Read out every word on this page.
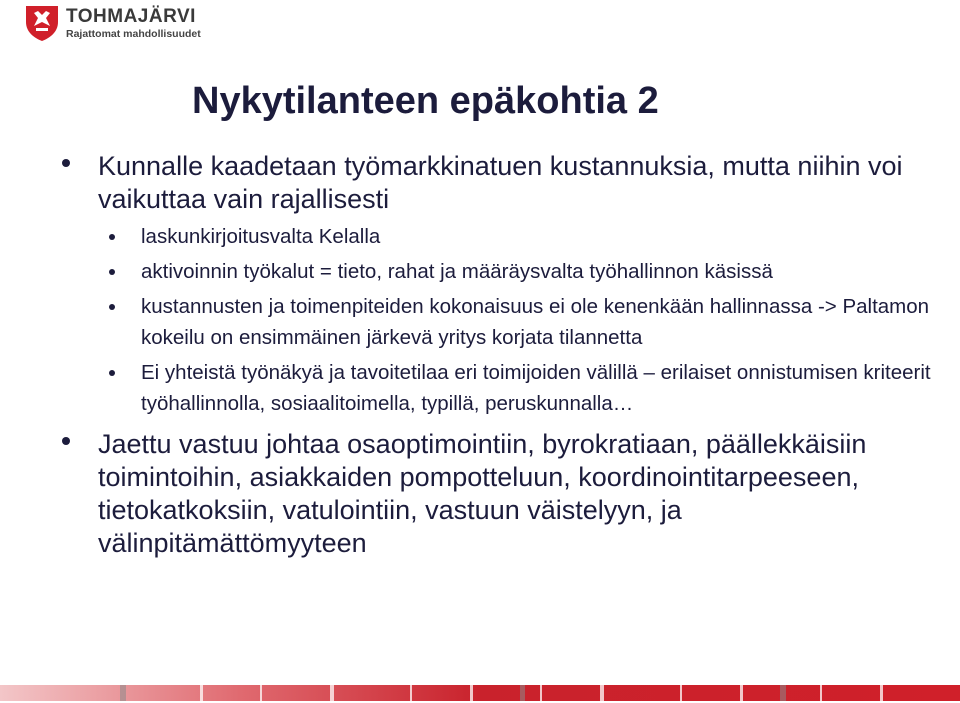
TOHMAJÄRVI
Rajattomat mahdollisuudet
Nykytilanteen epäkohtia 2
Kunnalle kaadetaan työmarkkinatuen kustannuksia, mutta niihin voi vaikuttaa vain rajallisesti
laskunkirjoitusvalta Kelalla
aktivoinnin työkalut = tieto, rahat ja määräysvalta työhallinnon käsissä
kustannusten ja toimenpiteiden kokonaisuus ei ole kenenkään hallinnassa -> Paltamon kokeilu on ensimmäinen järkevä yritys korjata tilannetta
Ei yhteistä työnäkyä ja tavoitetilaa eri toimijoiden välillä – erilaiset onnistumisen kriteerit työhallinnolla, sosiaalitoimella, typillä, peruskunnalla…
Jaettu vastuu johtaa osaoptimointiin, byrokratiaan, päällekkäisiin toimintoihin, asiakkaiden pompotteluun, koordinointitarpeeseen, tietokatkoksiin, vatulointiin, vastuun väistelyyn, ja välinpitämättömyyteen
